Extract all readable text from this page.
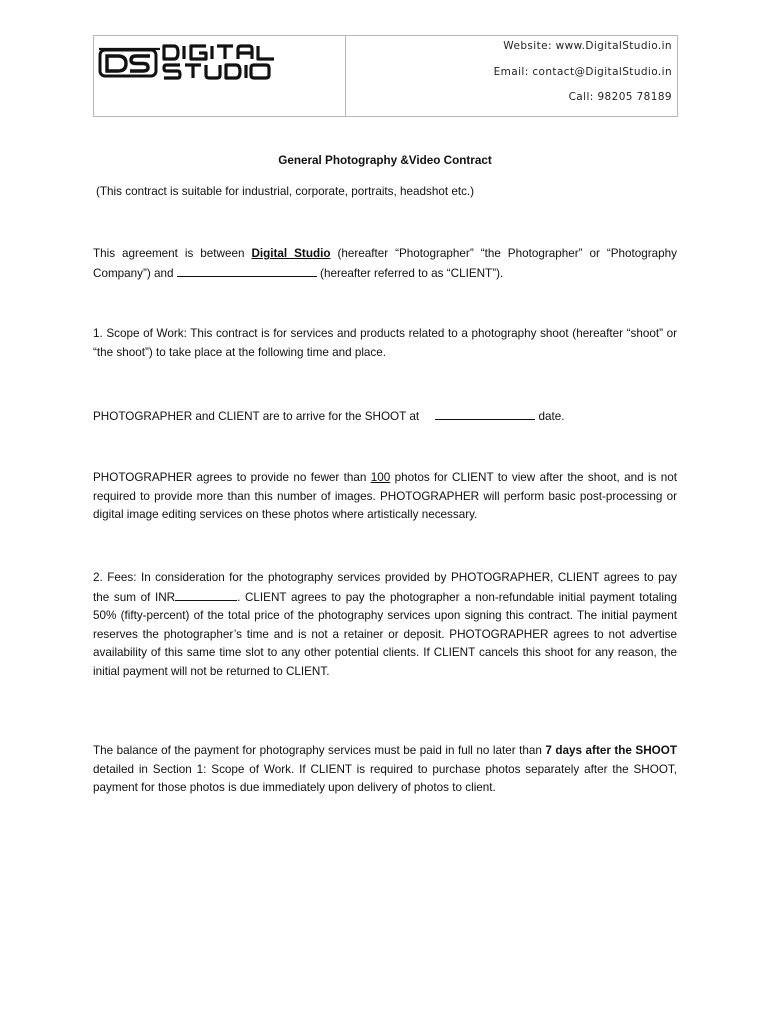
Website: www.DigitalStudio.in
Email: contact@DigitalStudio.in
Call: 98205 78189
General Photography &Video Contract
(This contract is suitable for industrial, corporate, portraits, headshot etc.)
This agreement is between Digital Studio (hereafter “Photographer” “the Photographer” or “Photography Company”) and	(hereafter referred to as “CLIENT”).
1. Scope of Work: This contract is for services and products related to a photography shoot (hereafter “shoot” or “the shoot”) to take place at the following time and place.
PHOTOGRAPHER and CLIENT are to arrive for the SHOOT at	date.
PHOTOGRAPHER agrees to provide no fewer than 100 photos for CLIENT to view after the shoot, and is not required to provide more than this number of images. PHOTOGRAPHER will perform basic post-processing or digital image editing services on these photos where artistically necessary.
2. Fees: In consideration for the photography services provided by PHOTOGRAPHER, CLIENT agrees to pay the sum of INR	. CLIENT agrees to pay the photographer a non-refundable initial payment totaling 50% (fifty-percent) of the total price of the photography services upon signing this contract. The initial payment reserves the photographer’s time and is not a retainer or deposit. PHOTOGRAPHER agrees to not advertise availability of this same time slot to any other potential clients. If CLIENT cancels this shoot for any reason, the initial payment will not be returned to CLIENT.
The balance of the payment for photography services must be paid in full no later than 7 days after the SHOOT detailed in Section 1: Scope of Work. If CLIENT is required to purchase photos separately after the SHOOT, payment for those photos is due immediately upon delivery of photos to client.
